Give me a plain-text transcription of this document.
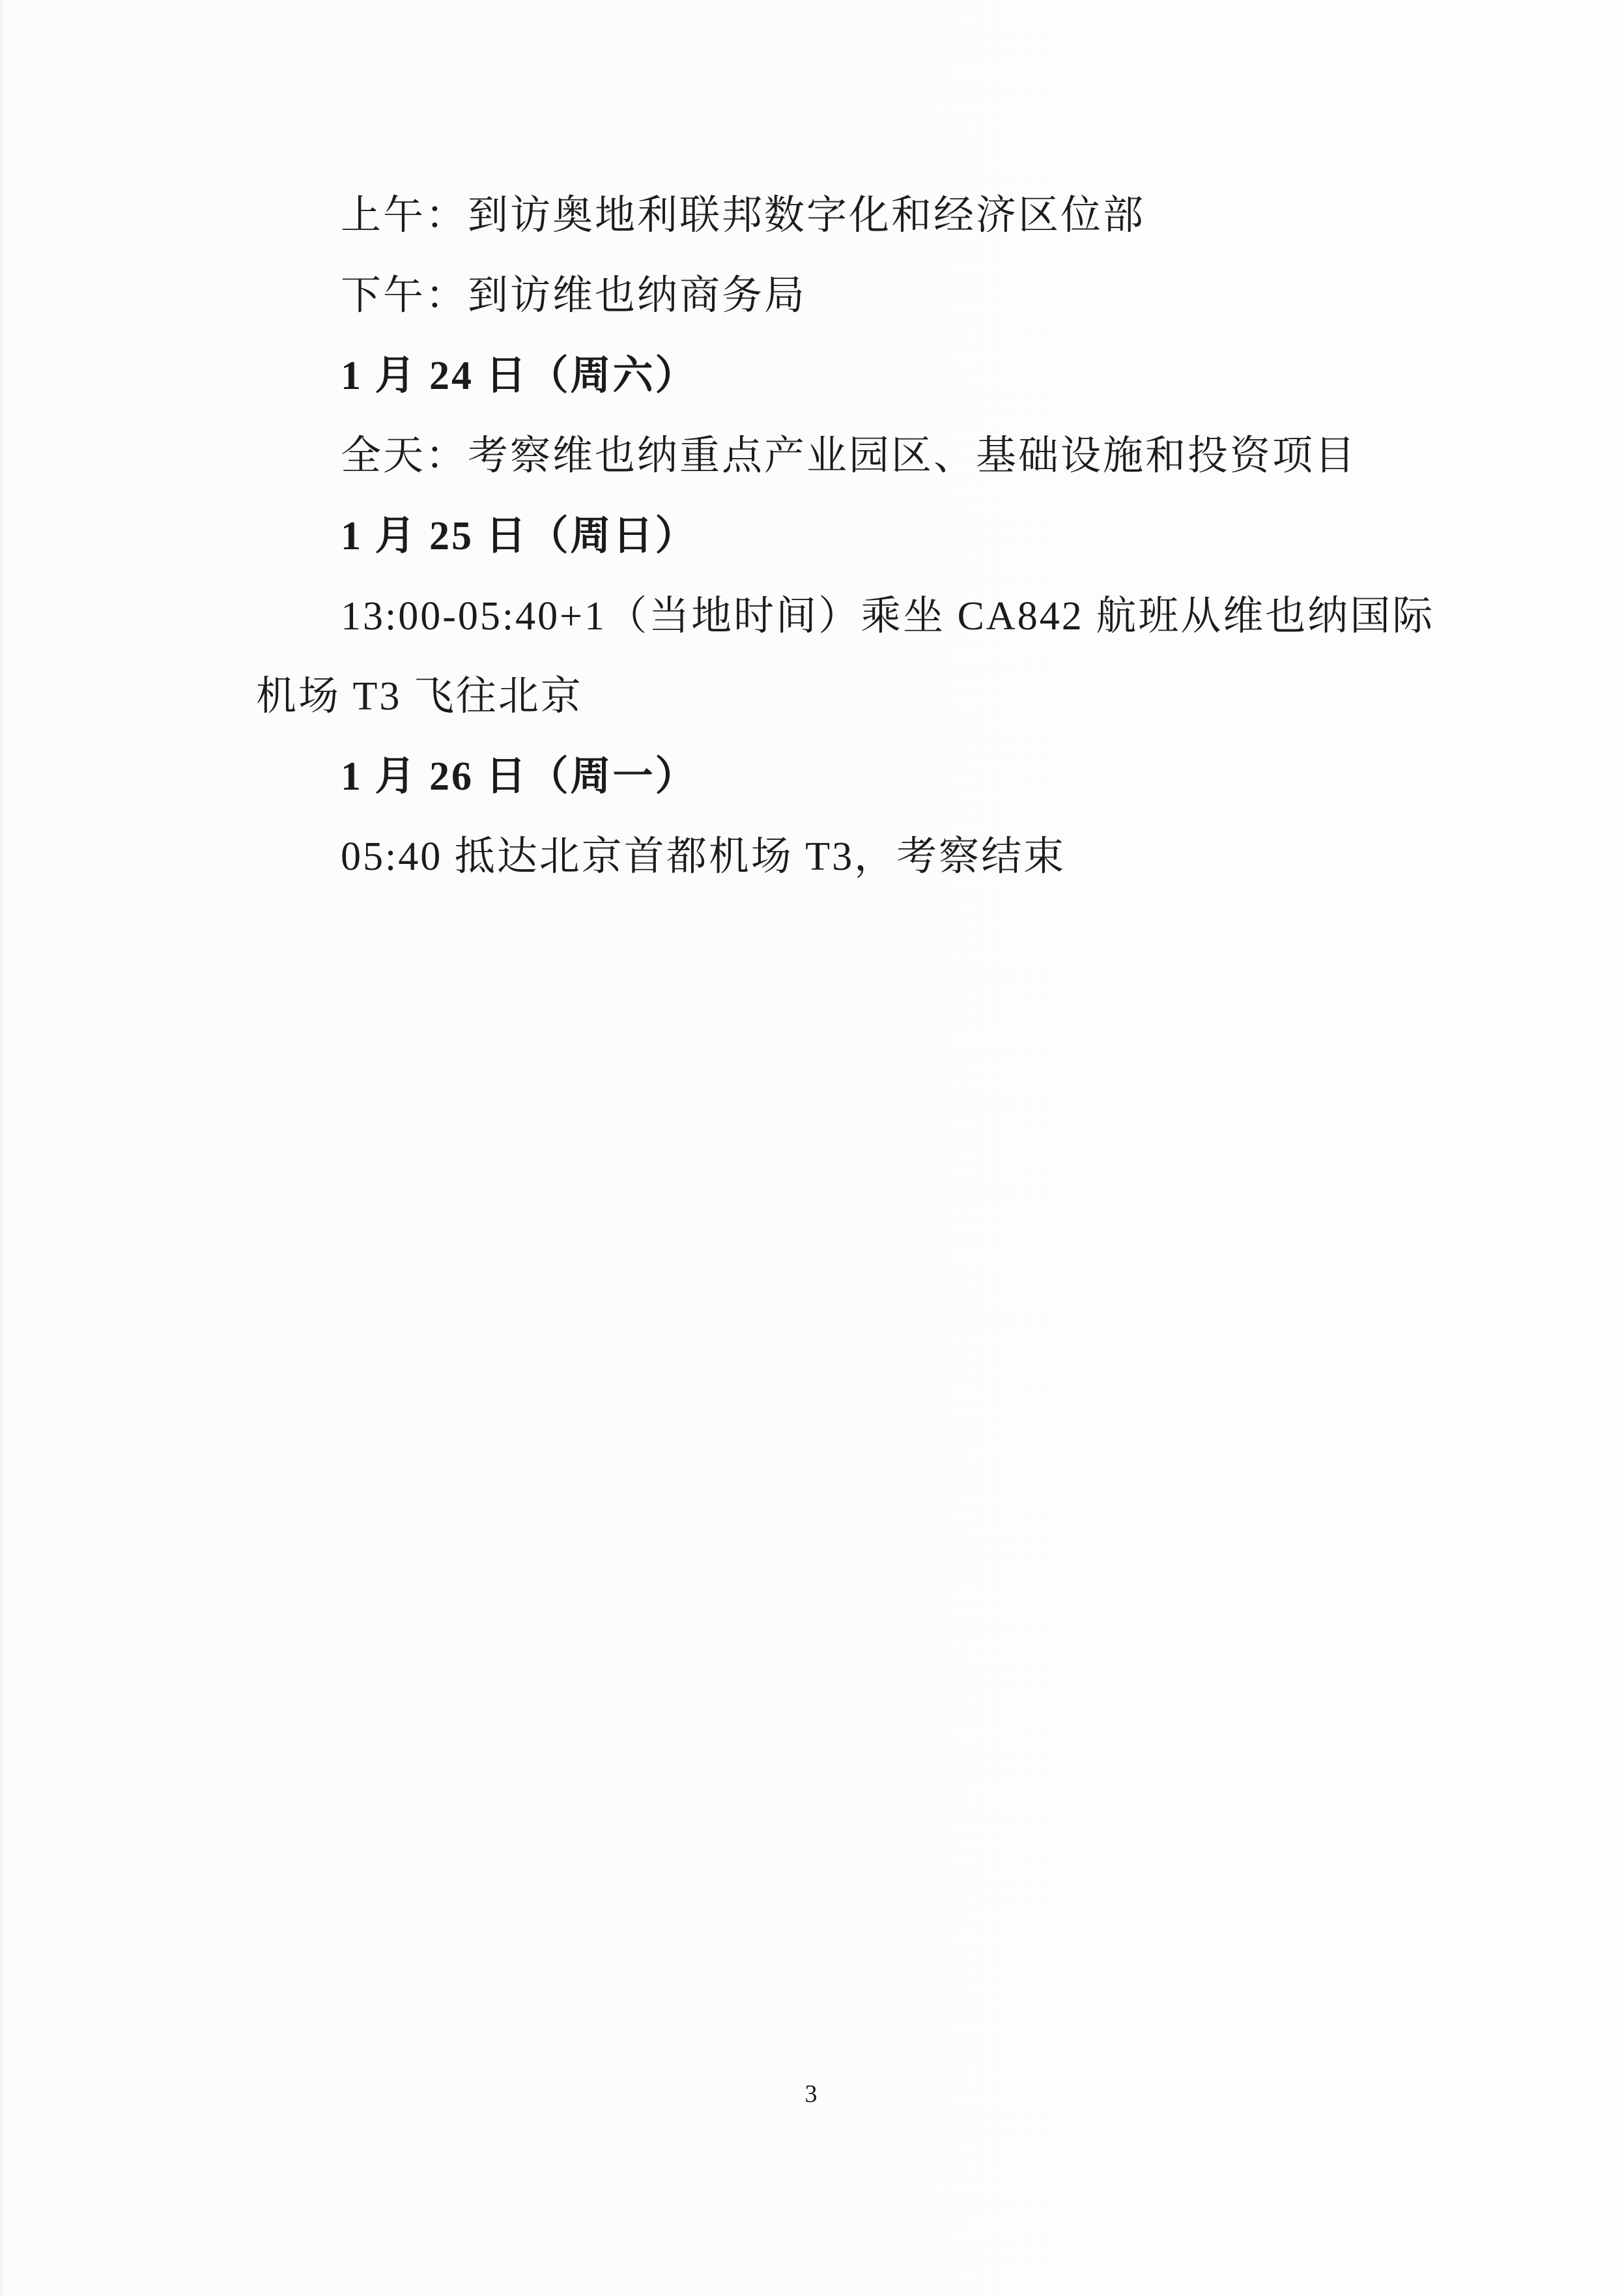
上午：到访奥地利联邦数字化和经济区位部
下午：到访维也纳商务局
1 月 24 日（周六）
全天：考察维也纳重点产业园区、基础设施和投资项目
1 月 25 日（周日）
13:00-05:40+1（当地时间）乘坐 CA842 航班从维也纳国际
机场 T3 飞往北京
1 月 26 日（周一）
05:40 抵达北京首都机场 T3，考察结束
3
